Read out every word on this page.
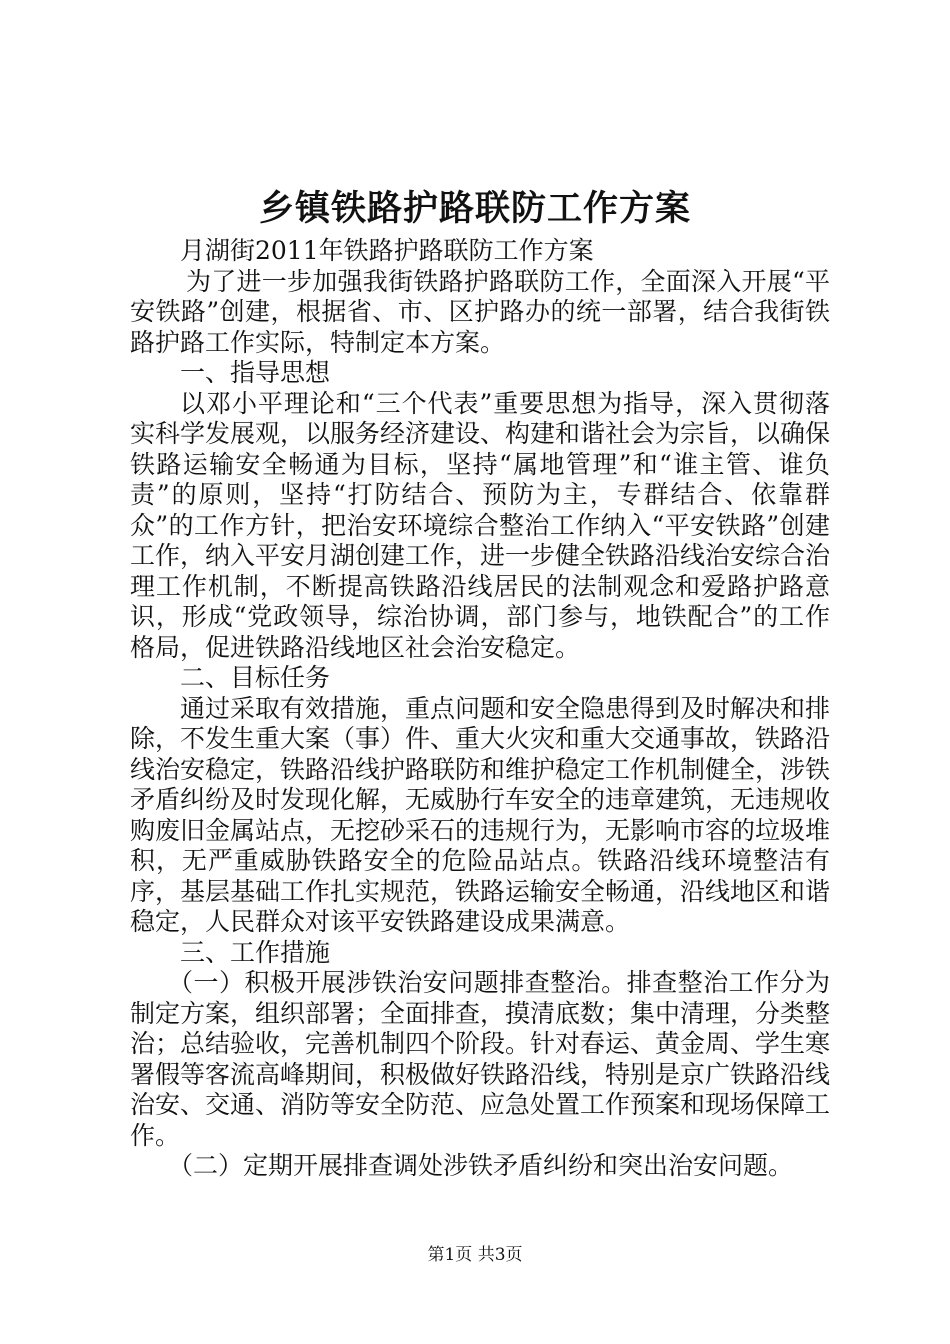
乡镇铁路护路联防工作方案

月湖街2011年铁路护路联防工作方案

为了进一步加强我街铁路护路联防工作，全面深入开展“平安铁路”创建，根据省、市、区护路办的统一部署，结合我街铁路护路工作实际，特制定本方案。

一、指导思想

以邓小平理论和“三个代表”重要思想为指导，深入贯彻落实科学发展观，以服务经济建设、构建和谐社会为宗旨，以确保铁路运输安全畅通为目标，坚持“属地管理”和“谁主管、谁负责”的原则，坚持“打防结合、预防为主，专群结合、依靠群众”的工作方针，把治安环境综合整治工作纳入“平安铁路”创建工作，纳入平安月湖创建工作，进一步健全铁路沿线治安综合治理工作机制，不断提高铁路沿线居民的法制观念和爱路护路意识，形成“党政领导，综治协调，部门参与，地铁配合”的工作格局，促进铁路沿线地区社会治安稳定。

二、目标任务

通过采取有效措施，重点问题和安全隐患得到及时解决和排除，不发生重大案（事）件、重大火灾和重大交通事故，铁路沿线治安稳定，铁路沿线护路联防和维护稳定工作机制健全，涉铁矛盾纠纷及时发现化解，无威胁行车安全的违章建筑，无违规收购废旧金属站点，无挖砂采石的违规行为，无影响市容的垃圾堆积，无严重威胁铁路安全的危险品站点。铁路沿线环境整洁有序，基层基础工作扎实规范，铁路运输安全畅通，沿线地区和谐稳定，人民群众对该平安铁路建设成果满意。

三、工作措施

（一）积极开展涉铁治安问题排查整治。排查整治工作分为制定方案，组织部署；全面排查，摸清底数；集中清理，分类整治；总结验收，完善机制四个阶段。针对春运、黄金周、学生寒署假等客流高峰期间，积极做好铁路沿线，特别是京广铁路沿线治安、交通、消防等安全防范、应急处置工作预案和现场保障工作。

（二）定期开展排查调处涉铁矛盾纠纷和突出治安问题。

第1页 共3页
